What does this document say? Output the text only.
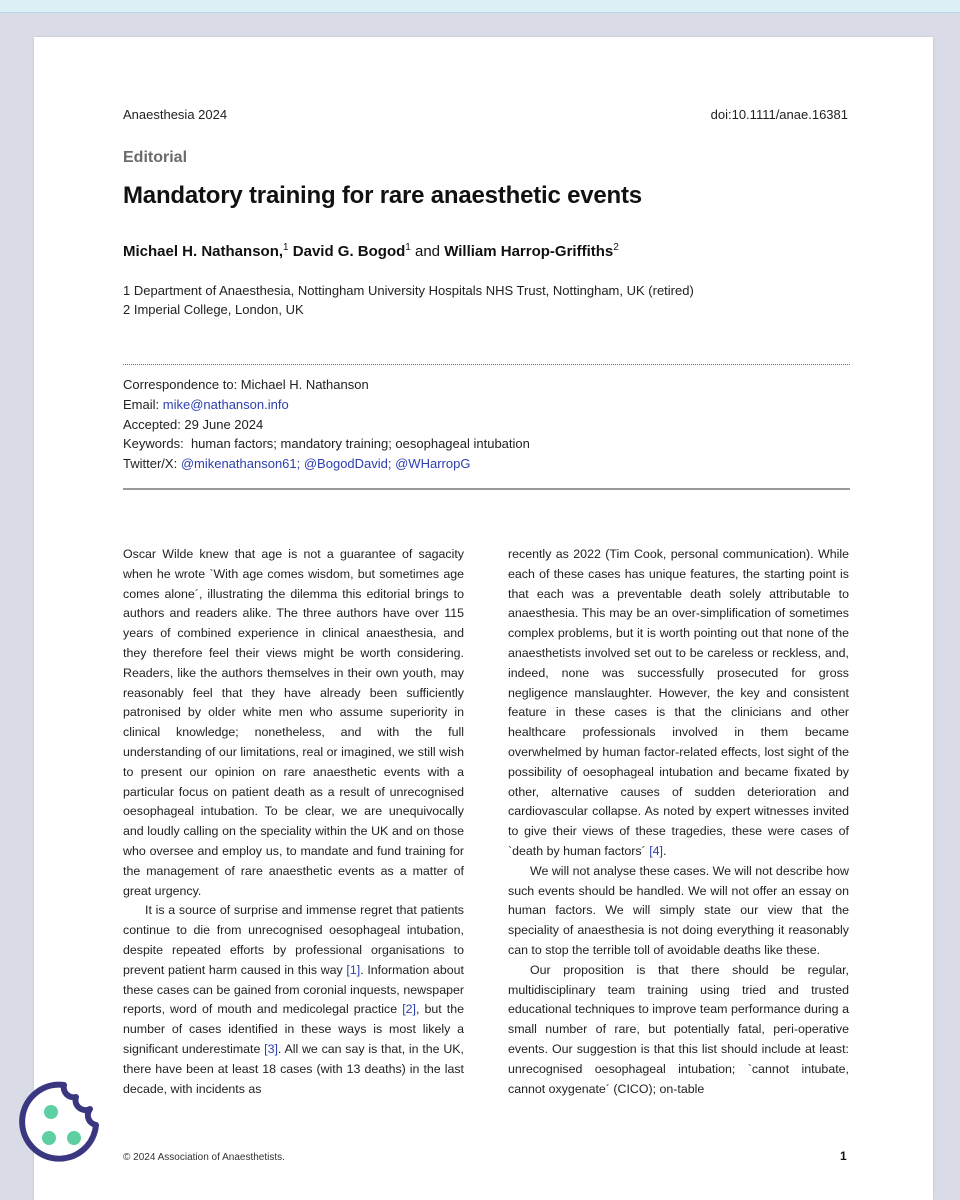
Anaesthesia 2024	doi:10.1111/anae.16381
Editorial
Mandatory training for rare anaesthetic events
Michael H. Nathanson,$^1$ David G. Bogod$^1$ and William Harrop-Griffiths$^2$
1 Department of Anaesthesia, Nottingham University Hospitals NHS Trust, Nottingham, UK (retired)
2 Imperial College, London, UK
Correspondence to: Michael H. Nathanson
Email: mike@nathanson.info
Accepted: 29 June 2024
Keywords: human factors; mandatory training; oesophageal intubation
Twitter/X: @mikenathanson61; @BogodDavid; @WHarropG

Oscar Wilde knew that age is not a guarantee of sagacity when he wrote `With age comes wisdom, but sometimes age comes alone´, illustrating the dilemma this editorial brings to authors and readers alike. The three authors have over 115 years of combined experience in clinical anaesthesia, and they therefore feel their views might be worth considering. Readers, like the authors themselves in their own youth, may reasonably feel that they have already been sufficiently patronised by older white men who assume superiority in clinical knowledge; nonetheless, and with the full understanding of our limitations, real or imagined, we still wish to present our opinion on rare anaesthetic events with a particular focus on patient death as a result of unrecognised oesophageal intubation. To be clear, we are unequivocally and loudly calling on the speciality within the UK and on those who oversee and employ us, to mandate and fund training for the management of rare anaesthetic events as a matter of great urgency.

It is a source of surprise and immense regret that patients continue to die from unrecognised oesophageal intubation, despite repeated efforts by professional organisations to prevent patient harm caused in this way [1]. Information about these cases can be gained from coronial inquests, newspaper reports, word of mouth and medicolegal practice [2], but the number of cases identified in these ways is most likely a significant underestimate [3]. All we can say is that, in the UK, there have been at least 18 cases (with 13 deaths) in the last decade, with incidents as

recently as 2022 (Tim Cook, personal communication). While each of these cases has unique features, the starting point is that each was a preventable death solely attributable to anaesthesia. This may be an over-simplification of sometimes complex problems, but it is worth pointing out that none of the anaesthetists involved set out to be careless or reckless, and, indeed, none was successfully prosecuted for gross negligence manslaughter. However, the key and consistent feature in these cases is that the clinicians and other healthcare professionals involved in them became overwhelmed by human factor-related effects, lost sight of the possibility of oesophageal intubation and became fixated by other, alternative causes of sudden deterioration and cardiovascular collapse. As noted by expert witnesses invited to give their views of these tragedies, these were cases of `death by human factors´ [4].

We will not analyse these cases. We will not describe how such events should be handled. We will not offer an essay on human factors. We will simply state our view that the speciality of anaesthesia is not doing everything it reasonably can to stop the terrible toll of avoidable deaths like these.

Our proposition is that there should be regular, multidisciplinary team training using tried and trusted educational techniques to improve team performance during a small number of rare, but potentially fatal, peri-operative events. Our suggestion is that this list should include at least: unrecognised oesophageal intubation; `cannot intubate, cannot oxygenate´ (CICO); on-table

© 2024 Association of Anaesthetists.	1
